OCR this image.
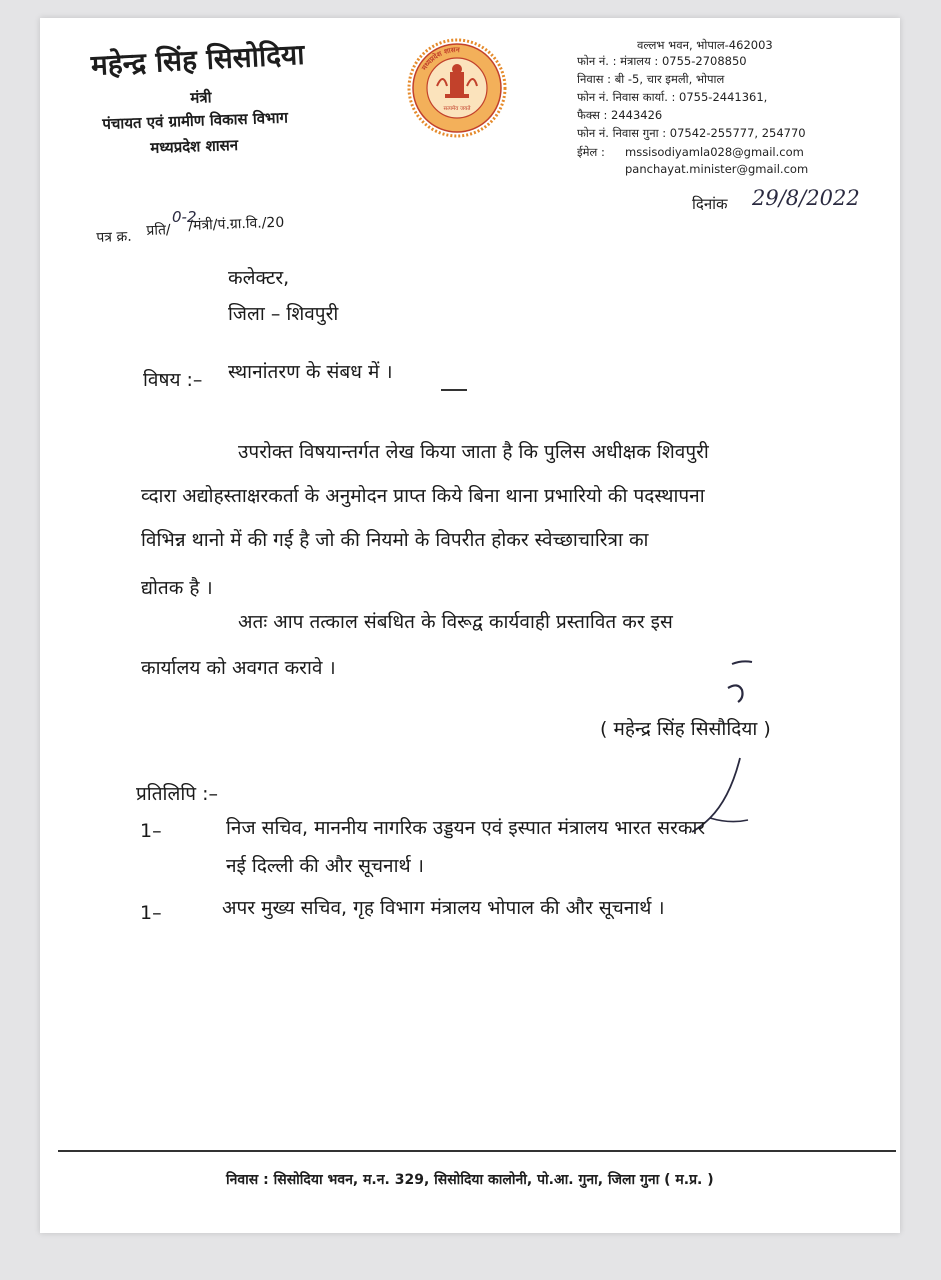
महेन्द्र सिंह सिसोदिया
मंत्री
पंचायत एवं ग्रामीण विकास विभाग
मध्यप्रदेश शासन
मध्यप्रदेश शासन
सत्यमेव जयते
वल्लभ भवन, भोपाल-462003
फोन नं. : मंत्रालय : 0755-2708850
निवास : बी -5, चार इमली, भोपाल
फोन नं. निवास कार्या. : 0755-2441361,
फैक्स : 2443426
फोन नं. निवास गुना : 07542-255777, 254770
ईमेल : mssisodiyamla028@gmail.com
panchayat.minister@gmail.com
दिनांक 29/8/2022
पत्र क्र. प्रति/
0-2
/मंत्री/पं.ग्रा.वि./20
कलेक्टर,
जिला – शिवपुरी
विषय :– स्थानांतरण के संबध में ।
उपरोक्त विषयान्तर्गत लेख किया जाता है कि पुलिस अधीक्षक शिवपुरी
व्दारा अद्योहस्ताक्षरकर्ता के अनुमोदन प्राप्त किये बिना थाना प्रभारियो की पदस्थापना
विभिन्न थानो में की गई है जो की नियमो के विपरीत होकर स्वेच्छाचारित्रा का
द्योतक है ।
अतः आप तत्काल संबधित के विरूद्व कार्यवाही प्रस्तावित कर इस
कार्यालय को अवगत करावे ।
( महेन्द्र सिंह सिसौदिया )
प्रतिलिपि :–
1–	निज सचिव, माननीय नागरिक उड्डयन एवं इस्पात मंत्रालय भारत सरकार
नई दिल्ली की और सूचनार्थ ।
1–	अपर मुख्य सचिव, गृह विभाग मंत्रालय भोपाल की और सूचनार्थ ।
निवास : सिसोदिया भवन, म.न. 329, सिसोदिया कालोनी, पो.आ. गुना, जिला गुना ( म.प्र. )
